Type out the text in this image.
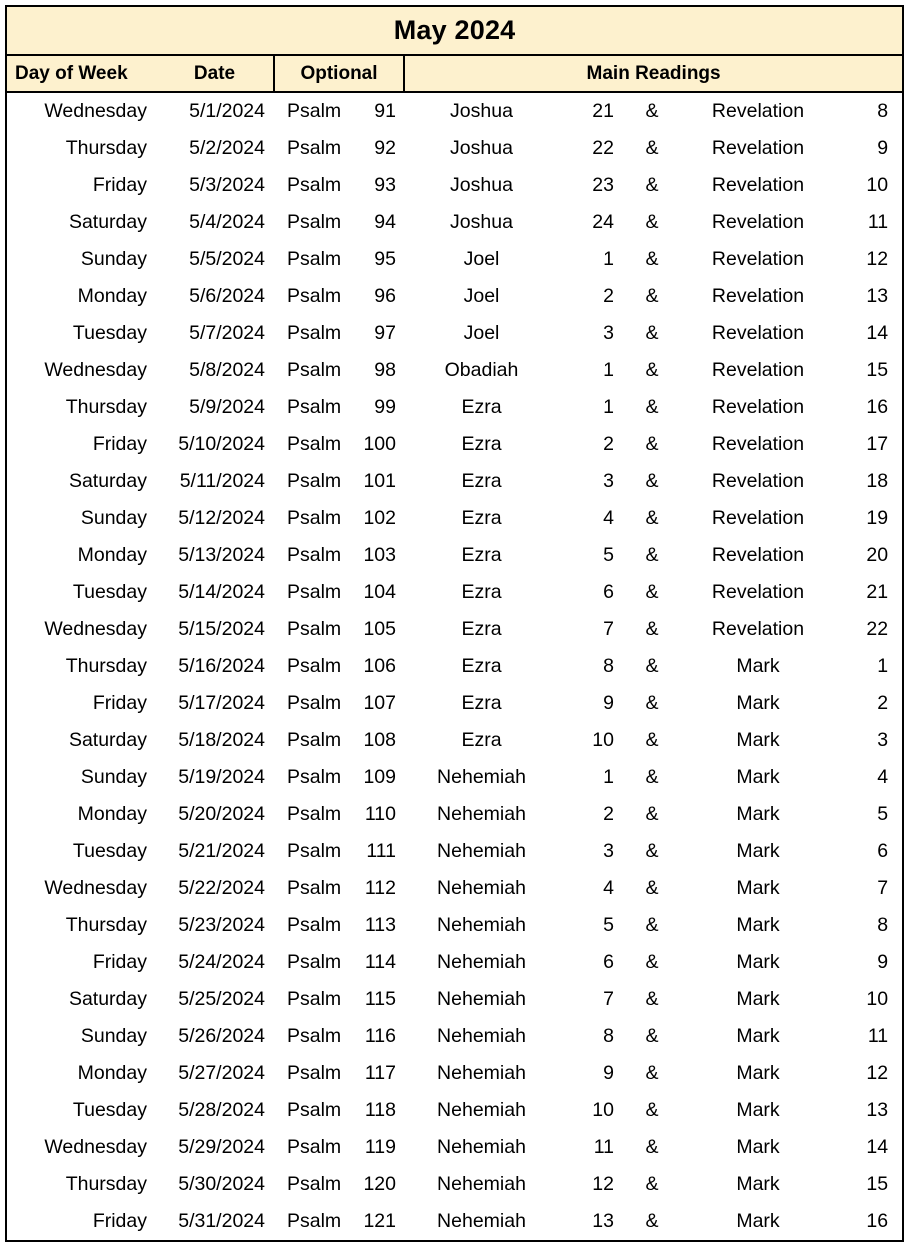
May 2024								
Day of Week	Date	Optional		Main Readings				
Wednesday	5/1/2024	Psalm	91	Joshua	21	&	Revelation	8
Thursday	5/2/2024	Psalm	92	Joshua	22	&	Revelation	9
Friday	5/3/2024	Psalm	93	Joshua	23	&	Revelation	10
Saturday	5/4/2024	Psalm	94	Joshua	24	&	Revelation	11
Sunday	5/5/2024	Psalm	95	Joel	1	&	Revelation	12
Monday	5/6/2024	Psalm	96	Joel	2	&	Revelation	13
Tuesday	5/7/2024	Psalm	97	Joel	3	&	Revelation	14
Wednesday	5/8/2024	Psalm	98	Obadiah	1	&	Revelation	15
Thursday	5/9/2024	Psalm	99	Ezra	1	&	Revelation	16
Friday	5/10/2024	Psalm	100	Ezra	2	&	Revelation	17
Saturday	5/11/2024	Psalm	101	Ezra	3	&	Revelation	18
Sunday	5/12/2024	Psalm	102	Ezra	4	&	Revelation	19
Monday	5/13/2024	Psalm	103	Ezra	5	&	Revelation	20
Tuesday	5/14/2024	Psalm	104	Ezra	6	&	Revelation	21
Wednesday	5/15/2024	Psalm	105	Ezra	7	&	Revelation	22
Thursday	5/16/2024	Psalm	106	Ezra	8	&	Mark	1
Friday	5/17/2024	Psalm	107	Ezra	9	&	Mark	2
Saturday	5/18/2024	Psalm	108	Ezra	10	&	Mark	3
Sunday	5/19/2024	Psalm	109	Nehemiah	1	&	Mark	4
Monday	5/20/2024	Psalm	110	Nehemiah	2	&	Mark	5
Tuesday	5/21/2024	Psalm	111	Nehemiah	3	&	Mark	6
Wednesday	5/22/2024	Psalm	112	Nehemiah	4	&	Mark	7
Thursday	5/23/2024	Psalm	113	Nehemiah	5	&	Mark	8
Friday	5/24/2024	Psalm	114	Nehemiah	6	&	Mark	9
Saturday	5/25/2024	Psalm	115	Nehemiah	7	&	Mark	10
Sunday	5/26/2024	Psalm	116	Nehemiah	8	&	Mark	11
Monday	5/27/2024	Psalm	117	Nehemiah	9	&	Mark	12
Tuesday	5/28/2024	Psalm	118	Nehemiah	10	&	Mark	13
Wednesday	5/29/2024	Psalm	119	Nehemiah	11	&	Mark	14
Thursday	5/30/2024	Psalm	120	Nehemiah	12	&	Mark	15
Friday	5/31/2024	Psalm	121	Nehemiah	13	&	Mark	16
